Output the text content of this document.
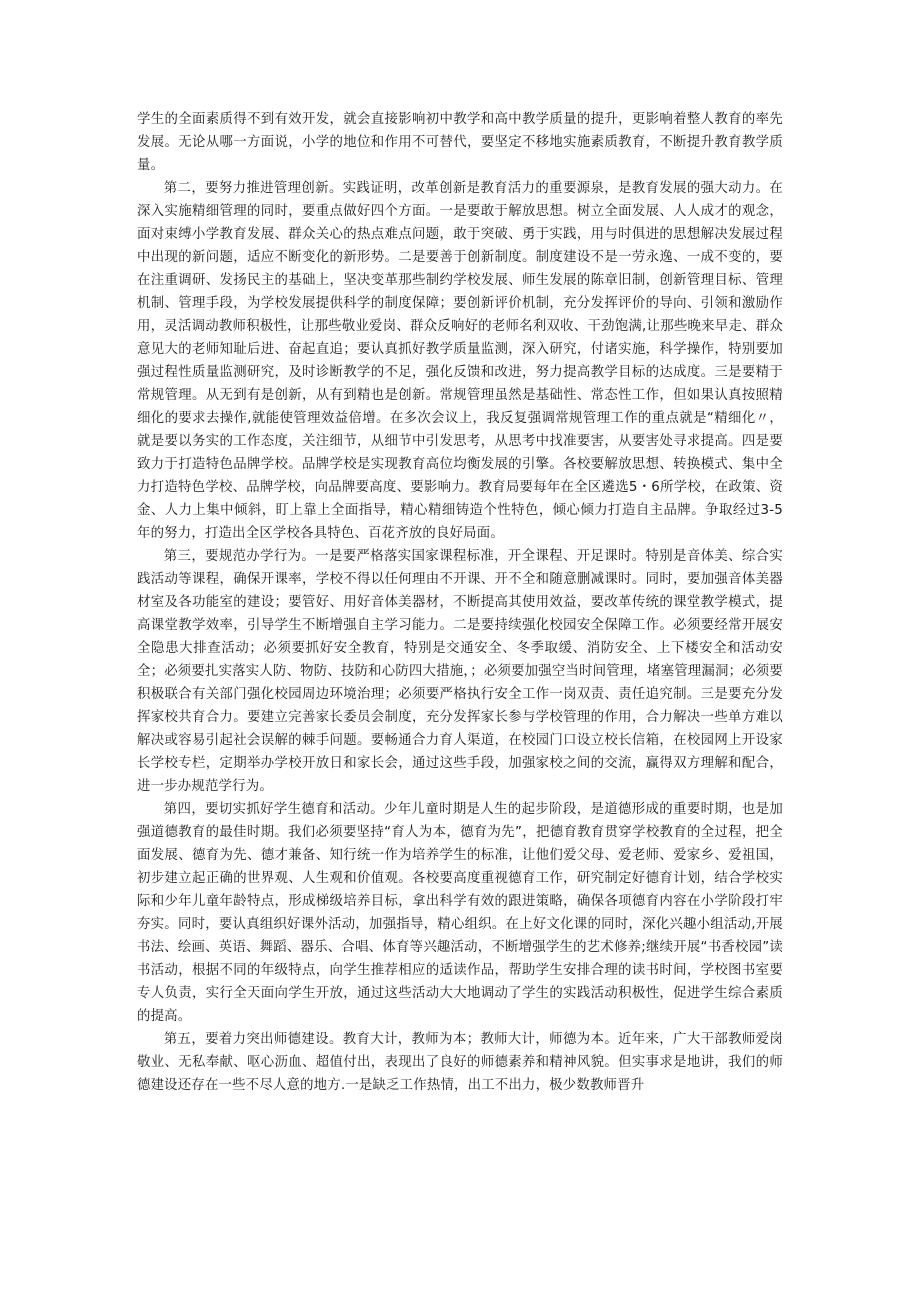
学生的全面素质得不到有效开发，就会直接影响初中教学和高中教学质量的提升，更影响着整人教育的率先发展。无论从哪一方面说，小学的地位和作用不可替代，要坚定不移地实施素质教育，不断提升教育教学质量。

第二，要努力推进管理创新。实践证明，改革创新是教育活力的重要源泉，是教育发展的强大动力。在深入实施精细管理的同时，要重点做好四个方面。一是要敢于解放思想。树立全面发展、人人成才的观念，面对束缚小学教育发展、群众关心的热点难点问题，敢于突破、勇于实践，用与时俱进的思想解决发展过程中出现的新问题，适应不断变化的新形势。二是要善于创新制度。制度建设不是一劳永逸、一成不变的，要在注重调研、发扬民主的基础上，坚决变革那些制约学校发展、师生发展的陈章旧制，创新管理目标、管理机制、管理手段，为学校发展提供科学的制度保障；要创新评价机制，充分发挥评价的导向、引领和激励作用，灵活调动教师积极性，让那些敬业爱岗、群众反响好的老师名利双收、干劲饱满,让那些晚来早走、群众意见大的老师知耻后进、奋起直追；要认真抓好教学质量监测，深入研究，付诸实施，科学操作，特别要加强过程性质量监测研究，及时诊断教学的不足，强化反馈和改进，努力提高教学目标的达成度。三是要精于常规管理。从无到有是创新，从有到精也是创新。常规管理虽然是基础性、常态性工作，但如果认真按照精细化的要求去操作,就能使管理效益倍增。在多次会议上，我反复强调常规管理工作的重点就是“精细化〃，就是要以务实的工作态度，关注细节，从细节中引发思考，从思考中找准要害，从要害处寻求提高。四是要致力于打造特色品牌学校。品牌学校是实现教育高位均衡发展的引擎。各校要解放思想、转换模式、集中全力打造特色学校、品牌学校，向品牌要高度、要影响力。教育局要每年在全区遴选5・6所学校，在政策、资金、人力上集中倾斜，盯上靠上全面指导，精心精细铸造个性特色，倾心倾力打造自主品牌。争取经过3-5年的努力，打造出全区学校各具特色、百花齐放的良好局面。

第三，要规范办学行为。一是要严格落实国家课程标准，开全课程、开足课时。特别是音体美、综合实践活动等课程，确保开课率，学校不得以任何理由不开课、开不全和随意删减课时。同时，要加强音体美器材室及各功能室的建设；要管好、用好音体美器材，不断提高其使用效益，要改革传统的课堂教学模式，提高课堂教学效率，引导学生不断增强自主学习能力。二是要持续强化校园安全保障工作。必须要经常开展安全隐患大排查活动；必须要抓好安全教育，特别是交通安全、冬季取缓、消防安全、上下楼安全和活动安全；必须要扎实落实人防、物防、技防和心防四大措施，；必须要加强空当时间管理，堵塞管理漏洞；必须要积极联合有关部门强化校园周边环境治理；必须要严格执行安全工作一岗双责、责任追究制。三是要充分发挥家校共育合力。要建立完善家长委员会制度，充分发挥家长参与学校管理的作用，合力解决一些单方难以解决或容易引起社会误解的棘手问题。要畅通合力育人渠道，在校园门口设立校长信箱，在校园网上开设家长学校专栏，定期举办学校开放日和家长会，通过这些手段，加强家校之间的交流，赢得双方理解和配合，进一步办规范学行为。

第四，要切实抓好学生德育和活动。少年儿童时期是人生的起步阶段，是道德形成的重要时期，也是加强道德教育的最佳时期。我们必须要坚持“育人为本，德育为先”，把德育教育贯穿学校教育的全过程，把全面发展、德育为先、德才兼备、知行统一作为培养学生的标准，让他们爱父母、爱老师、爱家乡、爱祖国，初步建立起正确的世界观、人生观和价值观。各校要高度重视德育工作，研究制定好德育计划，结合学校实际和少年儿童年龄特点，形成梯级培养目标，拿出科学有效的跟进策略，确保各项德育内容在小学阶段打牢夯实。同时，要认真组织好课外活动，加强指导，精心组织。在上好文化课的同时，深化兴趣小组活动,开展书法、绘画、英语、舞蹈、器乐、合唱、体育等兴趣活动，不断增强学生的艺术修养;继续开展“书香校园”读书活动，根据不同的年级特点，向学生推荐相应的适读作品，帮助学生安排合理的读书时间，学校图书室要专人负责，实行全天面向学生开放，通过这些活动大大地调动了学生的实践活动积极性，促进学生综合素质的提高。

第五，要着力突出师德建设。教育大计，教师为本；教师大计，师德为本。近年来，广大干部教师爱岗敬业、无私奉献、呕心沥血、超值付出，表现出了良好的师德素养和精神风貌。但实事求是地讲，我们的师德建设还存在一些不尽人意的地方.一是缺乏工作热情，出工不出力，极少数教师晋升
